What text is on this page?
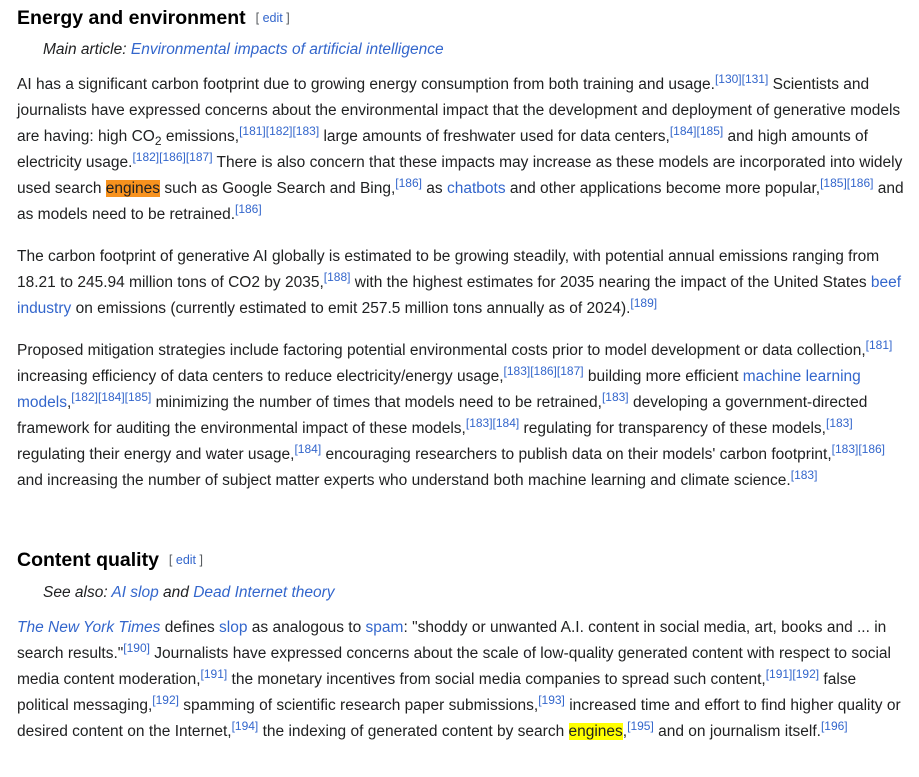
Energy and environment [ edit ]
Main article: Environmental impacts of artificial intelligence

AI has a significant carbon footprint due to growing energy consumption from both training and usage.[130][131] Scientists and journalists have expressed concerns about the environmental impact that the development and deployment of generative models are having: high $CO_2$ emissions,[181][182][183] large amounts of freshwater used for data centers,[184][185] and high amounts of electricity usage.[182][186][187] There is also concern that these impacts may increase as these models are incorporated into widely used search engines such as Google Search and Bing,[186] as chatbots and other applications become more popular,[185][186] and as models need to be retrained.[186]

The carbon footprint of generative AI globally is estimated to be growing steadily, with potential annual emissions ranging from 18.21 to 245.94 million tons of CO2 by 2035,[188] with the highest estimates for 2035 nearing the impact of the United States beef industry on emissions (currently estimated to emit 257.5 million tons annually as of 2024).[189]

Proposed mitigation strategies include factoring potential environmental costs prior to model development or data collection,[181] increasing efficiency of data centers to reduce electricity/energy usage,[183][186][187] building more efficient machine learning models,[182][184][185] minimizing the number of times that models need to be retrained,[183] developing a government-directed framework for auditing the environmental impact of these models,[183][184] regulating for transparency of these models,[183] regulating their energy and water usage,[184] encouraging researchers to publish data on their models' carbon footprint,[183][186] and increasing the number of subject matter experts who understand both machine learning and climate science.[183]

Content quality [ edit ]
See also: AI slop and Dead Internet theory

The New York Times defines slop as analogous to spam: "shoddy or unwanted A.I. content in social media, art, books and ... in search results."[190] Journalists have expressed concerns about the scale of low-quality generated content with respect to social media content moderation,[191] the monetary incentives from social media companies to spread such content,[191][192] false political messaging,[192] spamming of scientific research paper submissions,[193] increased time and effort to find higher quality or desired content on the Internet,[194] the indexing of generated content by search engines,[195] and on journalism itself.[196]
